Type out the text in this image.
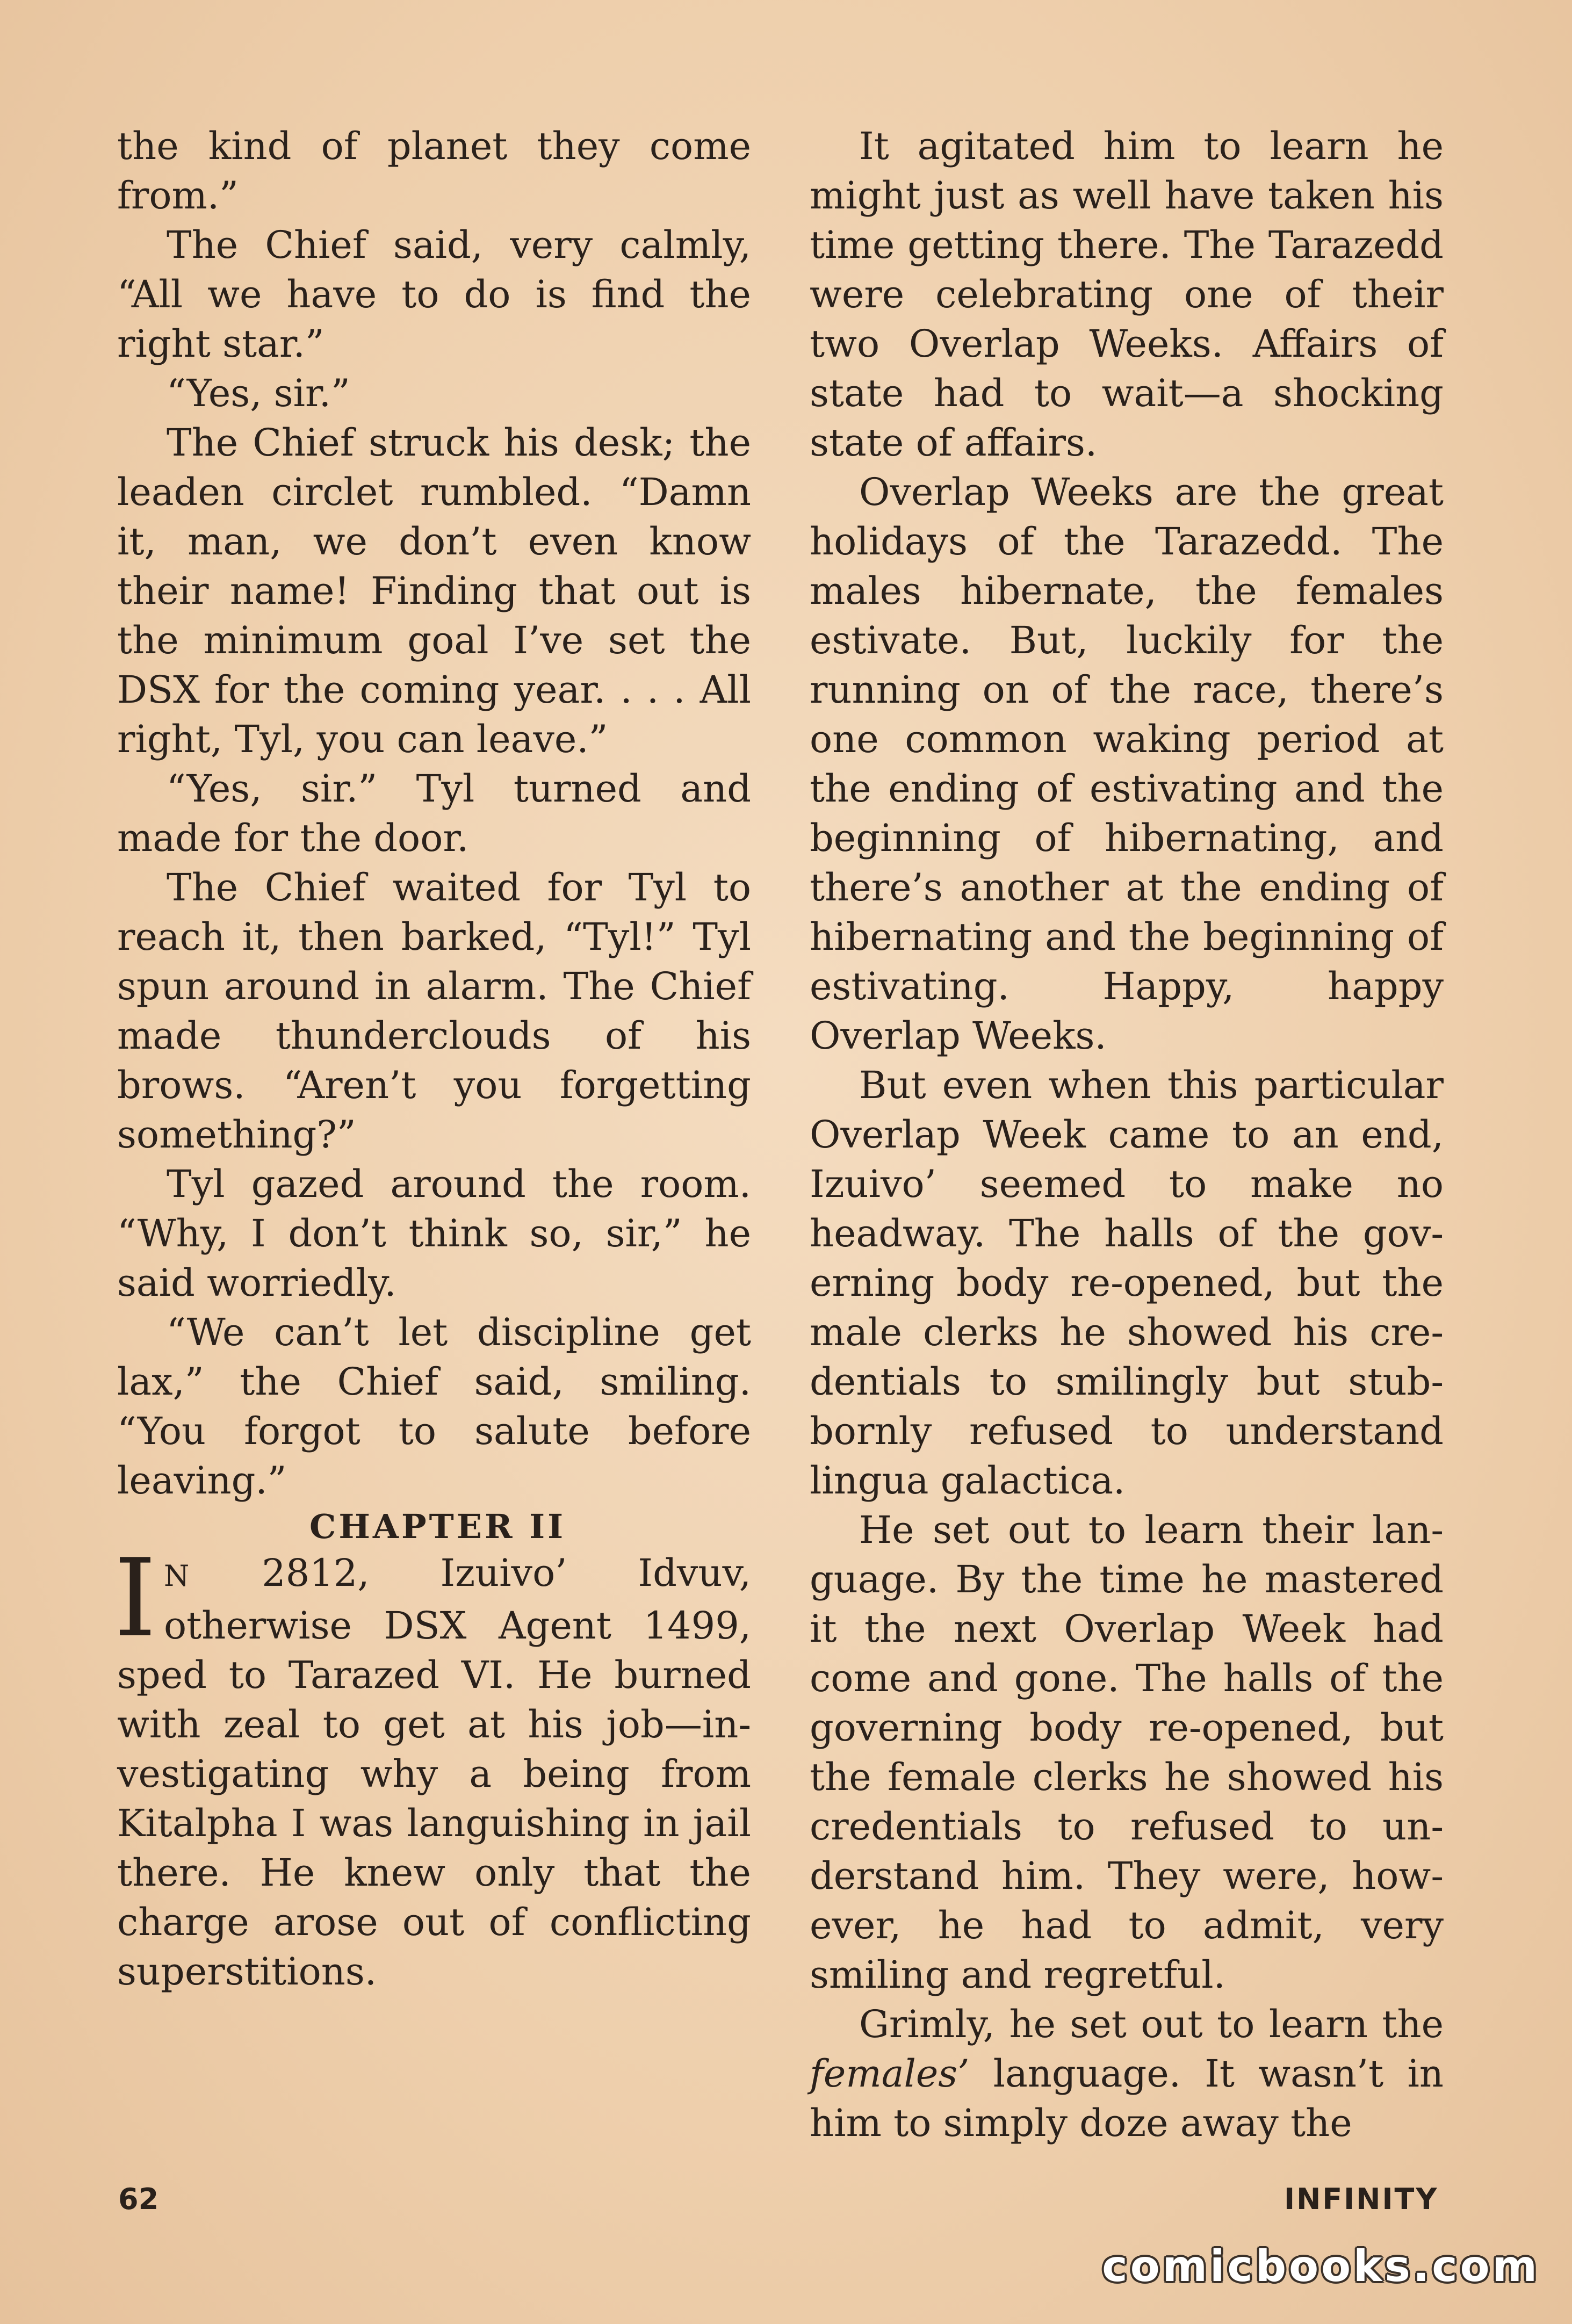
the kind of planet they come from.”

The Chief said, very calmly, “All we have to do is find the right star.”

“Yes, sir.”

The Chief struck his desk; the leaden circlet rumbled. “Damn it, man, we don’t even know their name! Finding that out is the minimum goal I’ve set the DSX for the coming year. . . . All right, Tyl, you can leave.”

“Yes, sir.” Tyl turned and made for the door.

The Chief waited for Tyl to reach it, then barked, “Tyl!” Tyl spun around in alarm. The Chief made thunderclouds of his brows. “Aren’t you forgetting something?”

Tyl gazed around the room. “Why, I don’t think so, sir,” he said worriedly.

“We can’t let discipline get lax,” the Chief said, smiling. “You forgot to salute before leaving.”

CHAPTER II

I N 2812, Izuivo’ Idvuv, otherwise DSX Agent 1499, sped to Tarazed VI. He burned with zeal to get at his job—investigating why a being from Kitalpha I was languishing in jail there. He knew only that the charge arose out of conflicting superstitions.

It agitated him to learn he might just as well have taken his time getting there. The Tarazedd were celebrating one of their two Overlap Weeks. Affairs of state had to wait—a shocking state of affairs.

Overlap Weeks are the great holidays of the Tarazedd. The males hibernate, the females estivate. But, luckily for the running on of the race, there’s one common waking period at the ending of estivating and the beginning of hibernating, and there’s another at the ending of hibernating and the beginning of estivating. Happy, happy Overlap Weeks.

But even when this particular Overlap Week came to an end, Izuivo’ seemed to make no headway. The halls of the governing body re-opened, but the male clerks he showed his credentials to smilingly but stubbornly refused to understand lingua galactica.

He set out to learn their language. By the time he mastered it the next Overlap Week had come and gone. The halls of the governing body re-opened, but the female clerks he showed his credentials to refused to understand him. They were, however, he had to admit, very smiling and regretful.

Grimly, he set out to learn the females’ language. It wasn’t in him to simply doze away the

62	INFINITY
comicbooks.com
